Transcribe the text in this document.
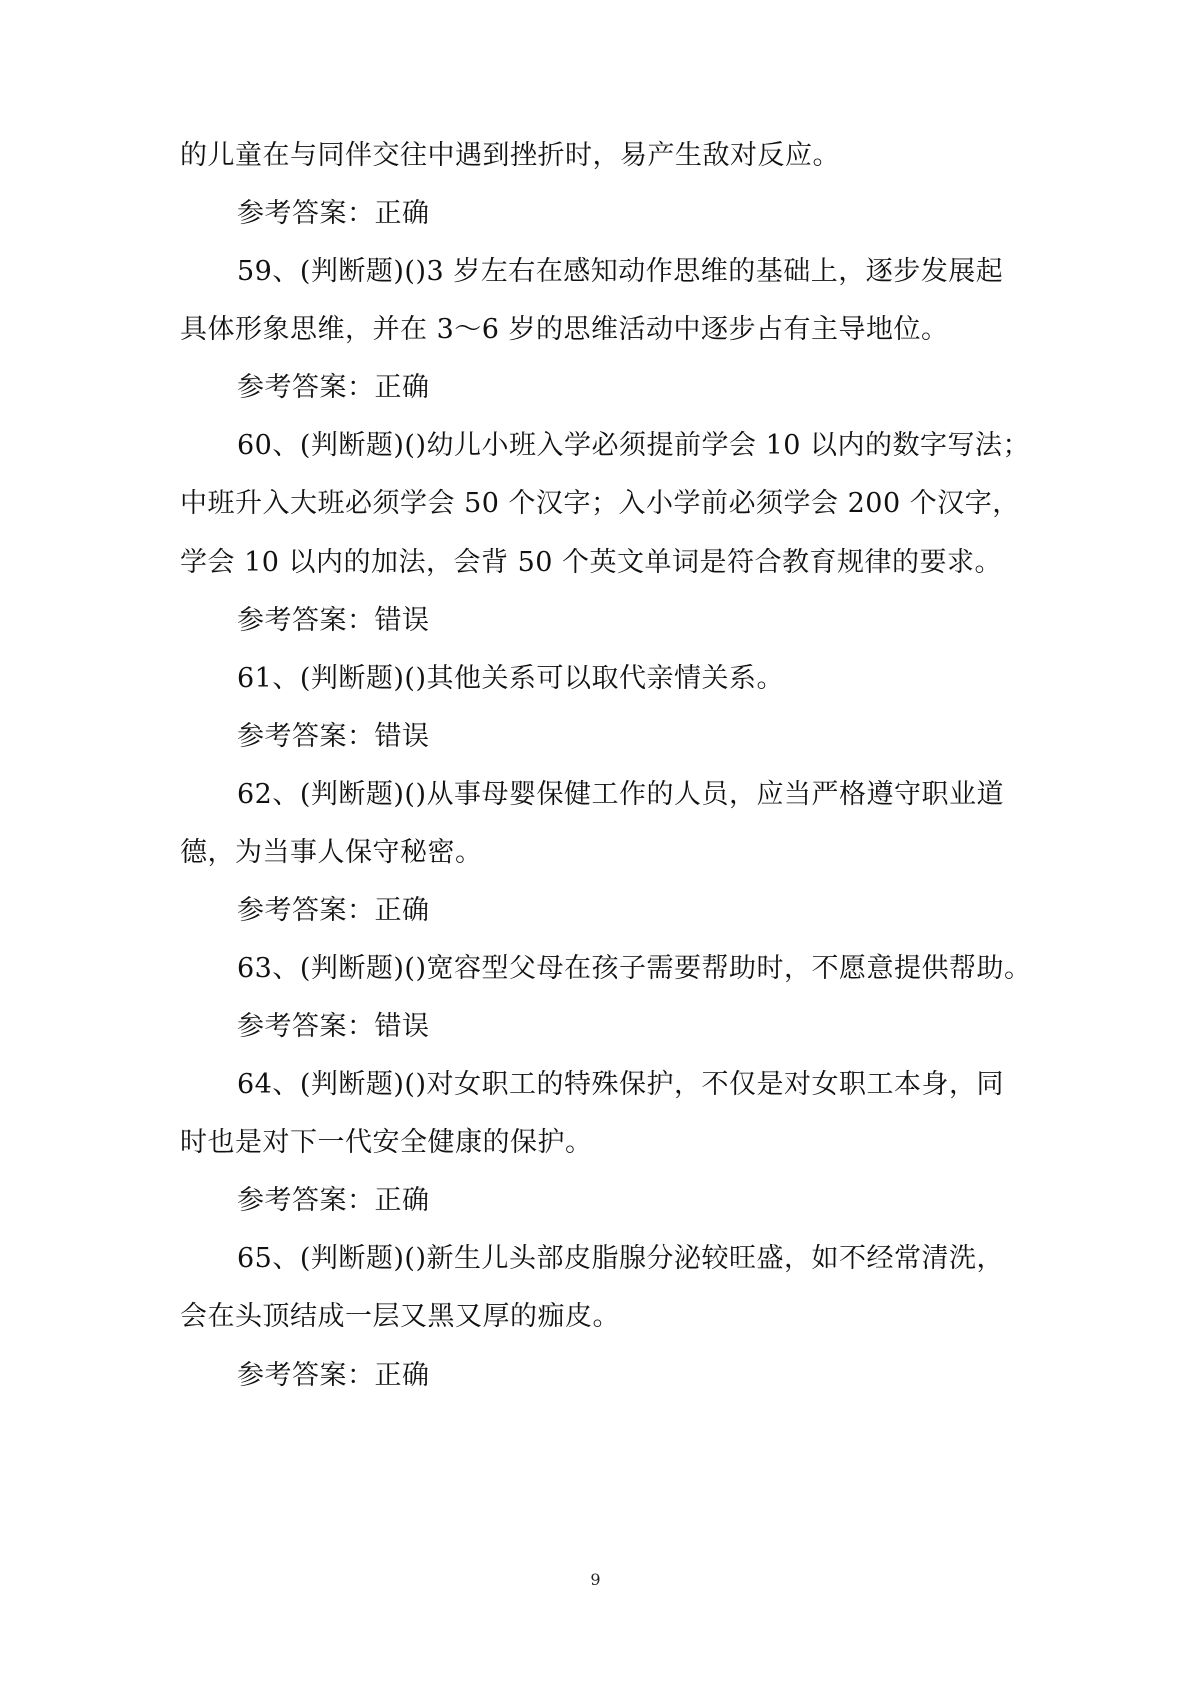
的儿童在与同伴交往中遇到挫折时，易产生敌对反应。
参考答案：正确
59、(判断题)()3 岁左右在感知动作思维的基础上，逐步发展起
具体形象思维，并在 3～6 岁的思维活动中逐步占有主导地位。
参考答案：正确
60、(判断题)()幼儿小班入学必须提前学会 10 以内的数字写法；
中班升入大班必须学会 50 个汉字；入小学前必须学会 200 个汉字，
学会 10 以内的加法，会背 50 个英文单词是符合教育规律的要求。
参考答案：错误
61、(判断题)()其他关系可以取代亲情关系。
参考答案：错误
62、(判断题)()从事母婴保健工作的人员，应当严格遵守职业道
德，为当事人保守秘密。
参考答案：正确
63、(判断题)()宽容型父母在孩子需要帮助时，不愿意提供帮助。
参考答案：错误
64、(判断题)()对女职工的特殊保护，不仅是对女职工本身，同
时也是对下一代安全健康的保护。
参考答案：正确
65、(判断题)()新生儿头部皮脂腺分泌较旺盛，如不经常清洗，
会在头顶结成一层又黑又厚的痂皮。
参考答案：正确
9
